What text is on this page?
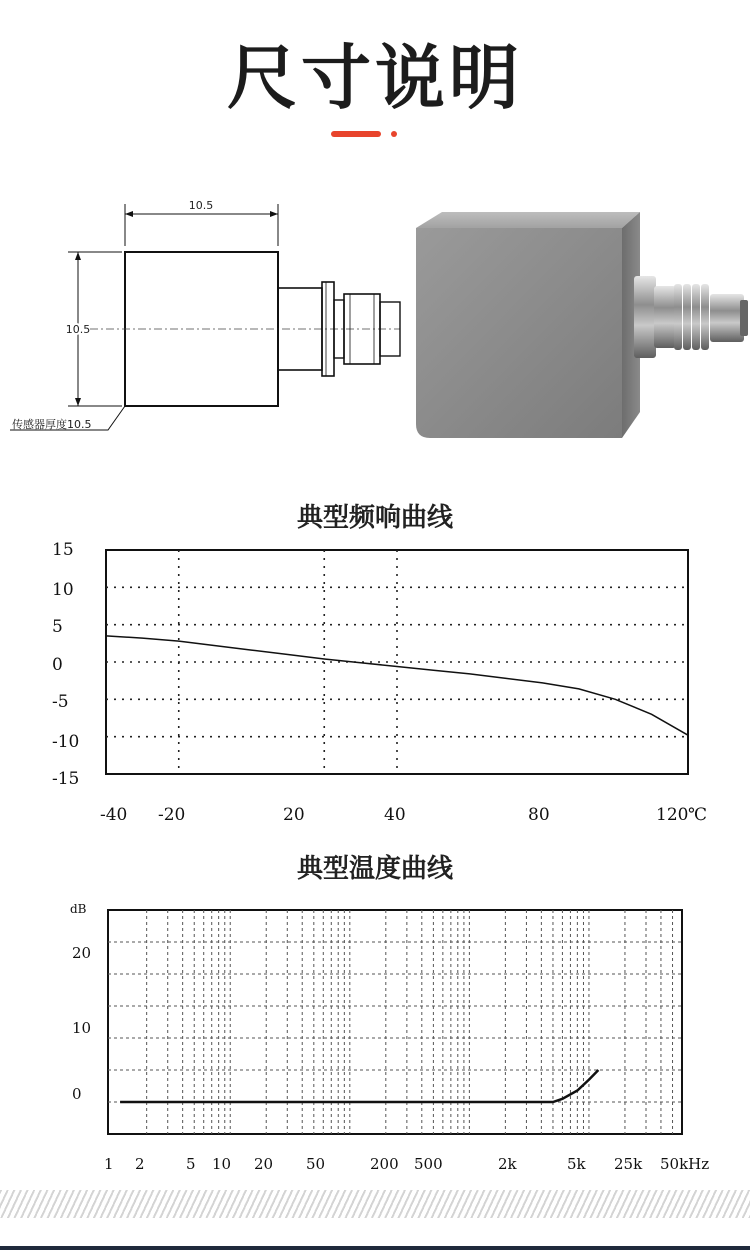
尺寸说明
10.5
10.5
传感器厚度10.5
典型频响曲线
15
10
5
0
-5
-10
-15
-40 -20	20	40	80	120 ℃
典型温度曲线
dB
20
10
0
1 2	5 10 20 50	200 500	2k	5k 25k 50kHz
